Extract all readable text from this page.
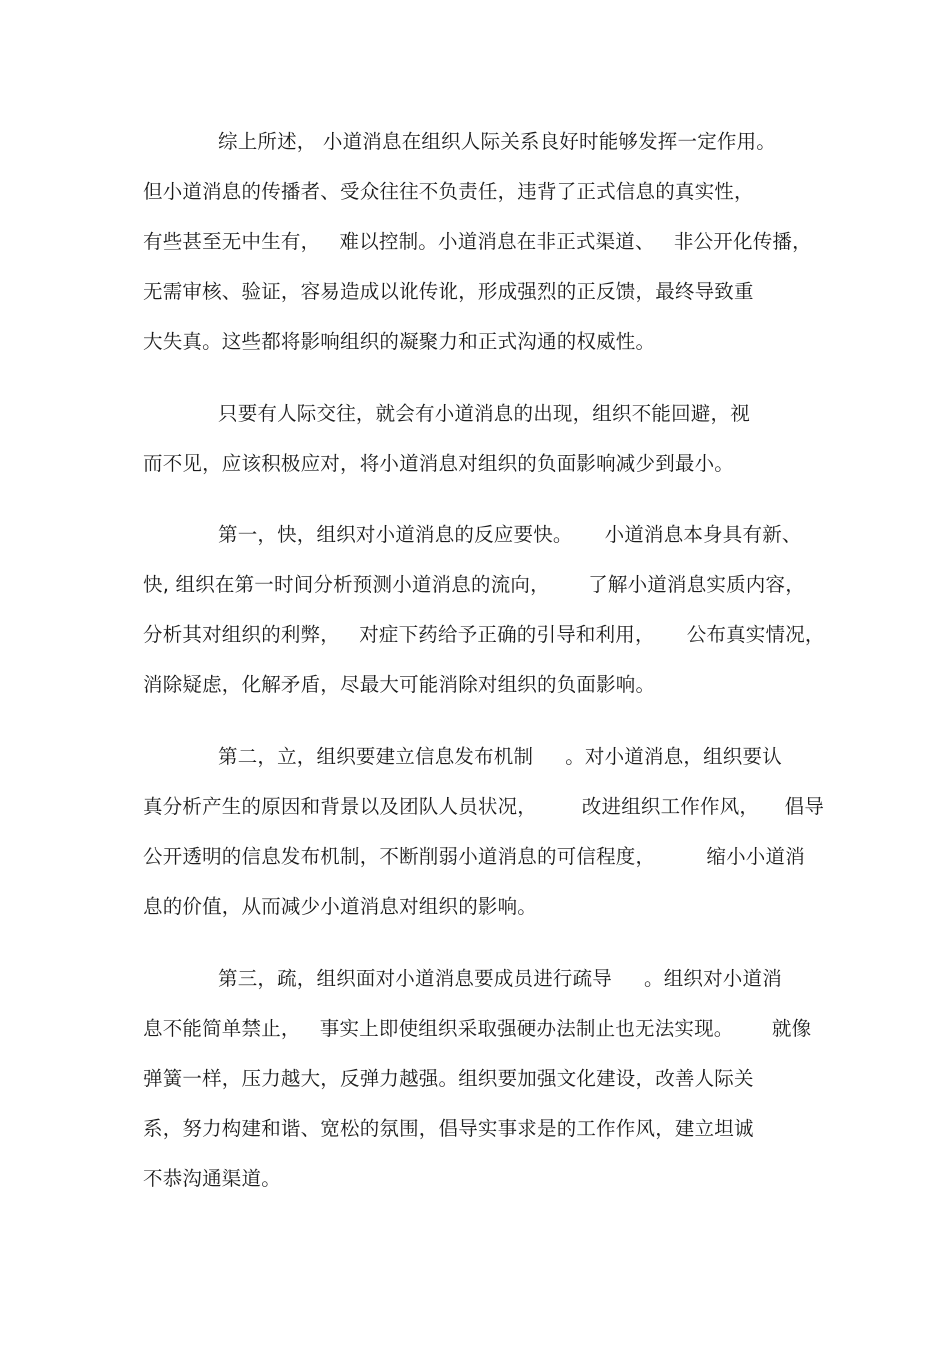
综上所述， 小道消息在组织人际关系良好时能够发挥一定作用。

但小道消息的传播者、受众往往不负责任，违背了正式信息的真实性，

有些甚至无中生有，   难以控制。小道消息在非正式渠道、   非公开化传播，

无需审核、验证，容易造成以讹传讹，形成强烈的正反馈，最终导致重

大失真。这些都将影响组织的凝聚力和正式沟通的权威性。

只要有人际交往，就会有小道消息的出现，组织不能回避，视

而不见，应该积极应对，将小道消息对组织的负面影响减少到最小。

第一，快，组织对小道消息的反应要快。     小道消息本身具有新、

快, 组织在第一时间分析预测小道消息的流向，      了解小道消息实质内容，

分析其对组织的利弊，   对症下药给予正确的引导和利用，     公布真实情况，

消除疑虑，化解矛盾，尽最大可能消除对组织的负面影响。

第二，立，组织要建立信息发布机制     。对小道消息，组织要认

真分析产生的原因和背景以及团队人员状况，       改进组织工作作风，    倡导

公开透明的信息发布机制，不断削弱小道消息的可信程度，        缩小小道消

息的价值，从而减少小道消息对组织的影响。

第三，疏，组织面对小道消息要成员进行疏导     。组织对小道消

息不能简单禁止，   事实上即使组织采取强硬办法制止也无法实现。      就像

弹簧一样，压力越大，反弹力越强。组织要加强文化建设，改善人际关

系，努力构建和谐、宽松的氛围，倡导实事求是的工作作风，建立坦诚

不恭沟通渠道。
